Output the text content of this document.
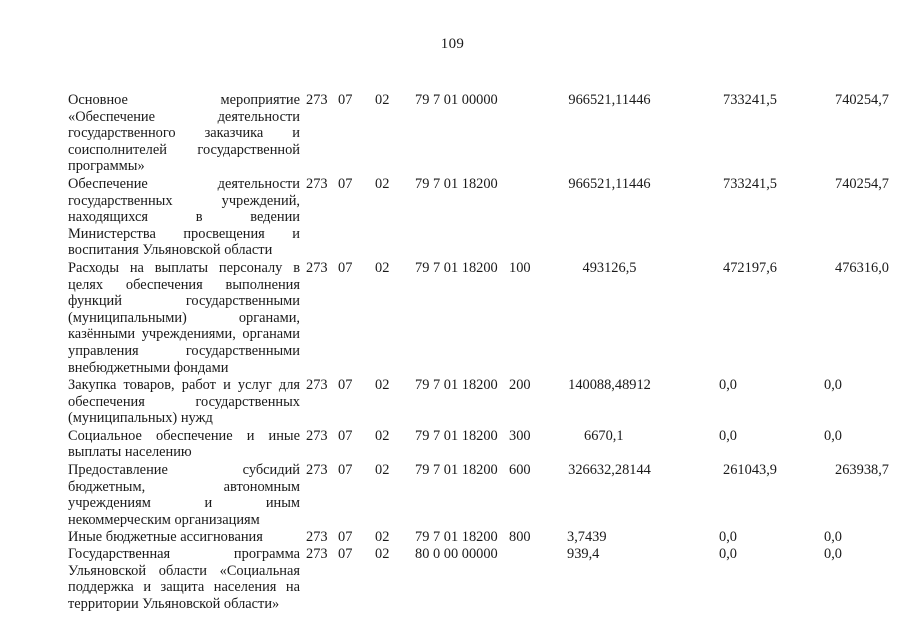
109
Основное мероприятие «Обеспечение деятельности государственного заказчика и соисполнителей государственной программы»	273	07	02	79 7 01 00000		966521,11446	733241,5	740254,7
Обеспечение деятельности государственных учреждений, находящихся в ведении Министерства просвещения и воспитания Ульяновской области	273	07	02	79 7 01 18200		966521,11446	733241,5	740254,7
Расходы на выплаты персоналу в целях обеспечения выполнения функций государственными (муниципальными) органами, казёнными учреждениями, органами управления государственными внебюджетными фондами	273	07	02	79 7 01 18200	100	493126,5	472197,6	476316,0
Закупка товаров, работ и услуг для обеспечения государственных (муниципальных) нужд	273	07	02	79 7 01 18200	200	140088,48912	0,0	0,0
Социальное обеспечение и иные выплаты населению	273	07	02	79 7 01 18200	300	6670,1	0,0	0,0
Предоставление субсидий бюджетным, автономным учреждениям и иным некоммерческим организациям	273	07	02	79 7 01 18200	600	326632,28144	261043,9	263938,7
Иные бюджетные ассигнования	273	07	02	79 7 01 18200	800	3,7439	0,0	0,0
Государственная программа Ульяновской области «Социальная поддержка и защита населения на территории Ульяновской области»	273	07	02	80 0 00 00000		939,4	0,0	0,0
